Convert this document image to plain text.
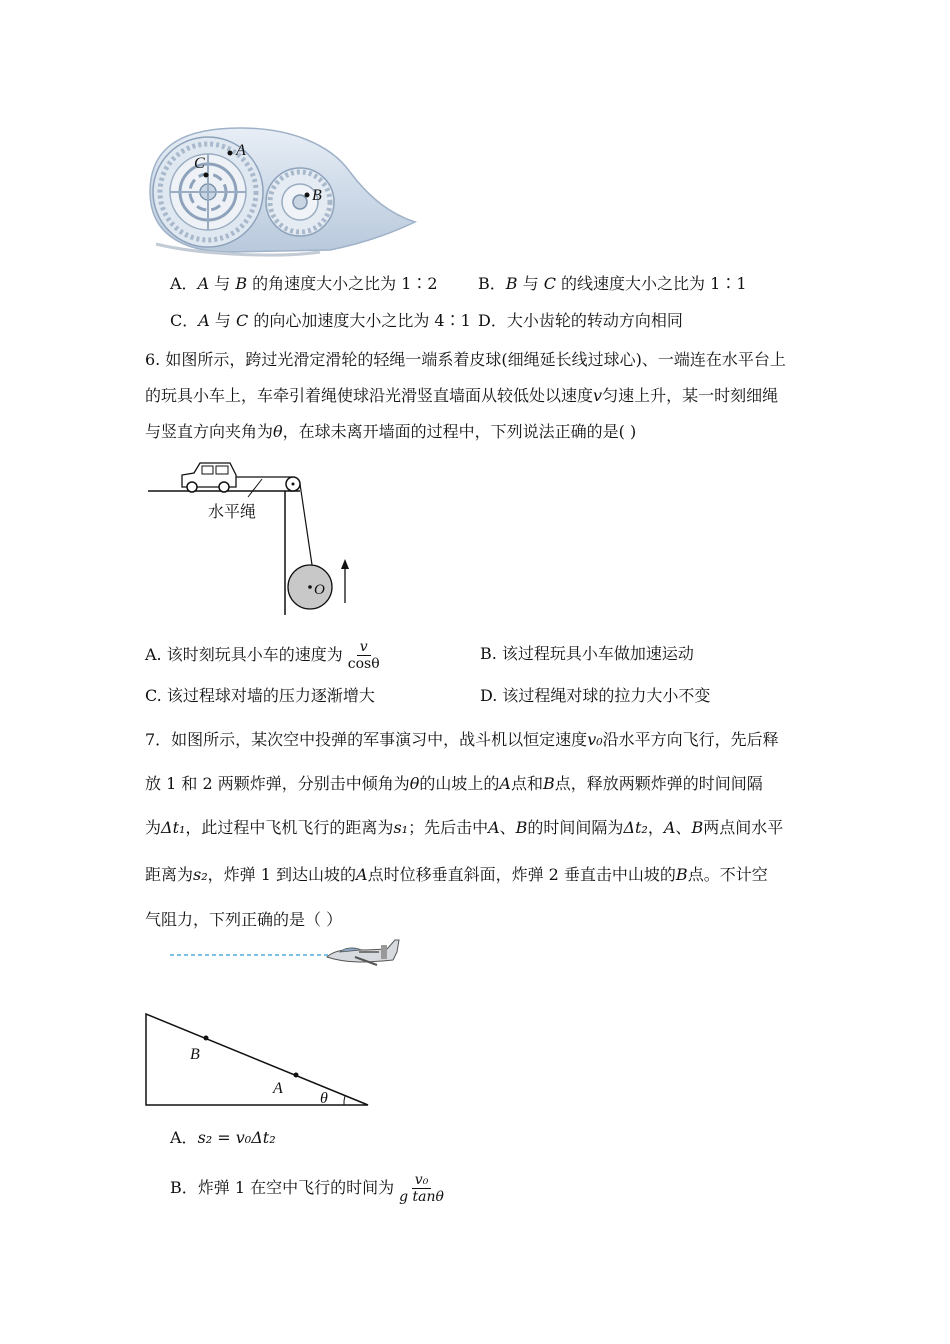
A
B
C
A．A 与 B 的角速度大小之比为 1∶2	B．B 与 C 的线速度大小之比为 1∶1
C．A 与 C 的向心加速度大小之比为 4∶1 D．大小齿轮的转动方向相同
6. 如图所示，跨过光滑定滑轮的轻绳一端系着皮球(细绳延长线过球心)、一端连在水平台上
的玩具小车上，车牵引着绳使球沿光滑竖直墙面从较低处以速度v匀速上升，某一时刻细绳
与竖直方向夹角为θ，在球未离开墙面的过程中，下列说法正确的是( )
水平绳
O
A. 该时刻玩具小车的速度为 $\frac{v}{\cos\theta}$	B. 该过程玩具小车做加速运动
C. 该过程球对墙的压力逐渐增大	D. 该过程绳对球的拉力大小不变
7．如图所示，某次空中投弹的军事演习中，战斗机以恒定速度v₀沿水平方向飞行，先后释
放 1 和 2 两颗炸弹，分别击中倾角为θ的山坡上的A点和B点，释放两颗炸弹的时间间隔
为Δt₁，此过程中飞机飞行的距离为s₁；先后击中A、B的时间间隔为Δt₂，A、B两点间水平
距离为s₂，炸弹 1 到达山坡的A点时位移垂直斜面，炸弹 2 垂直击中山坡的B点。不计空
气阻力，下列正确的是（ ）
B
A
θ
A．s₂ = v₀Δt₂
B．炸弹 1 在空中飞行的时间为 $\frac{\text{v₀}}{\text{g tanθ}}$
